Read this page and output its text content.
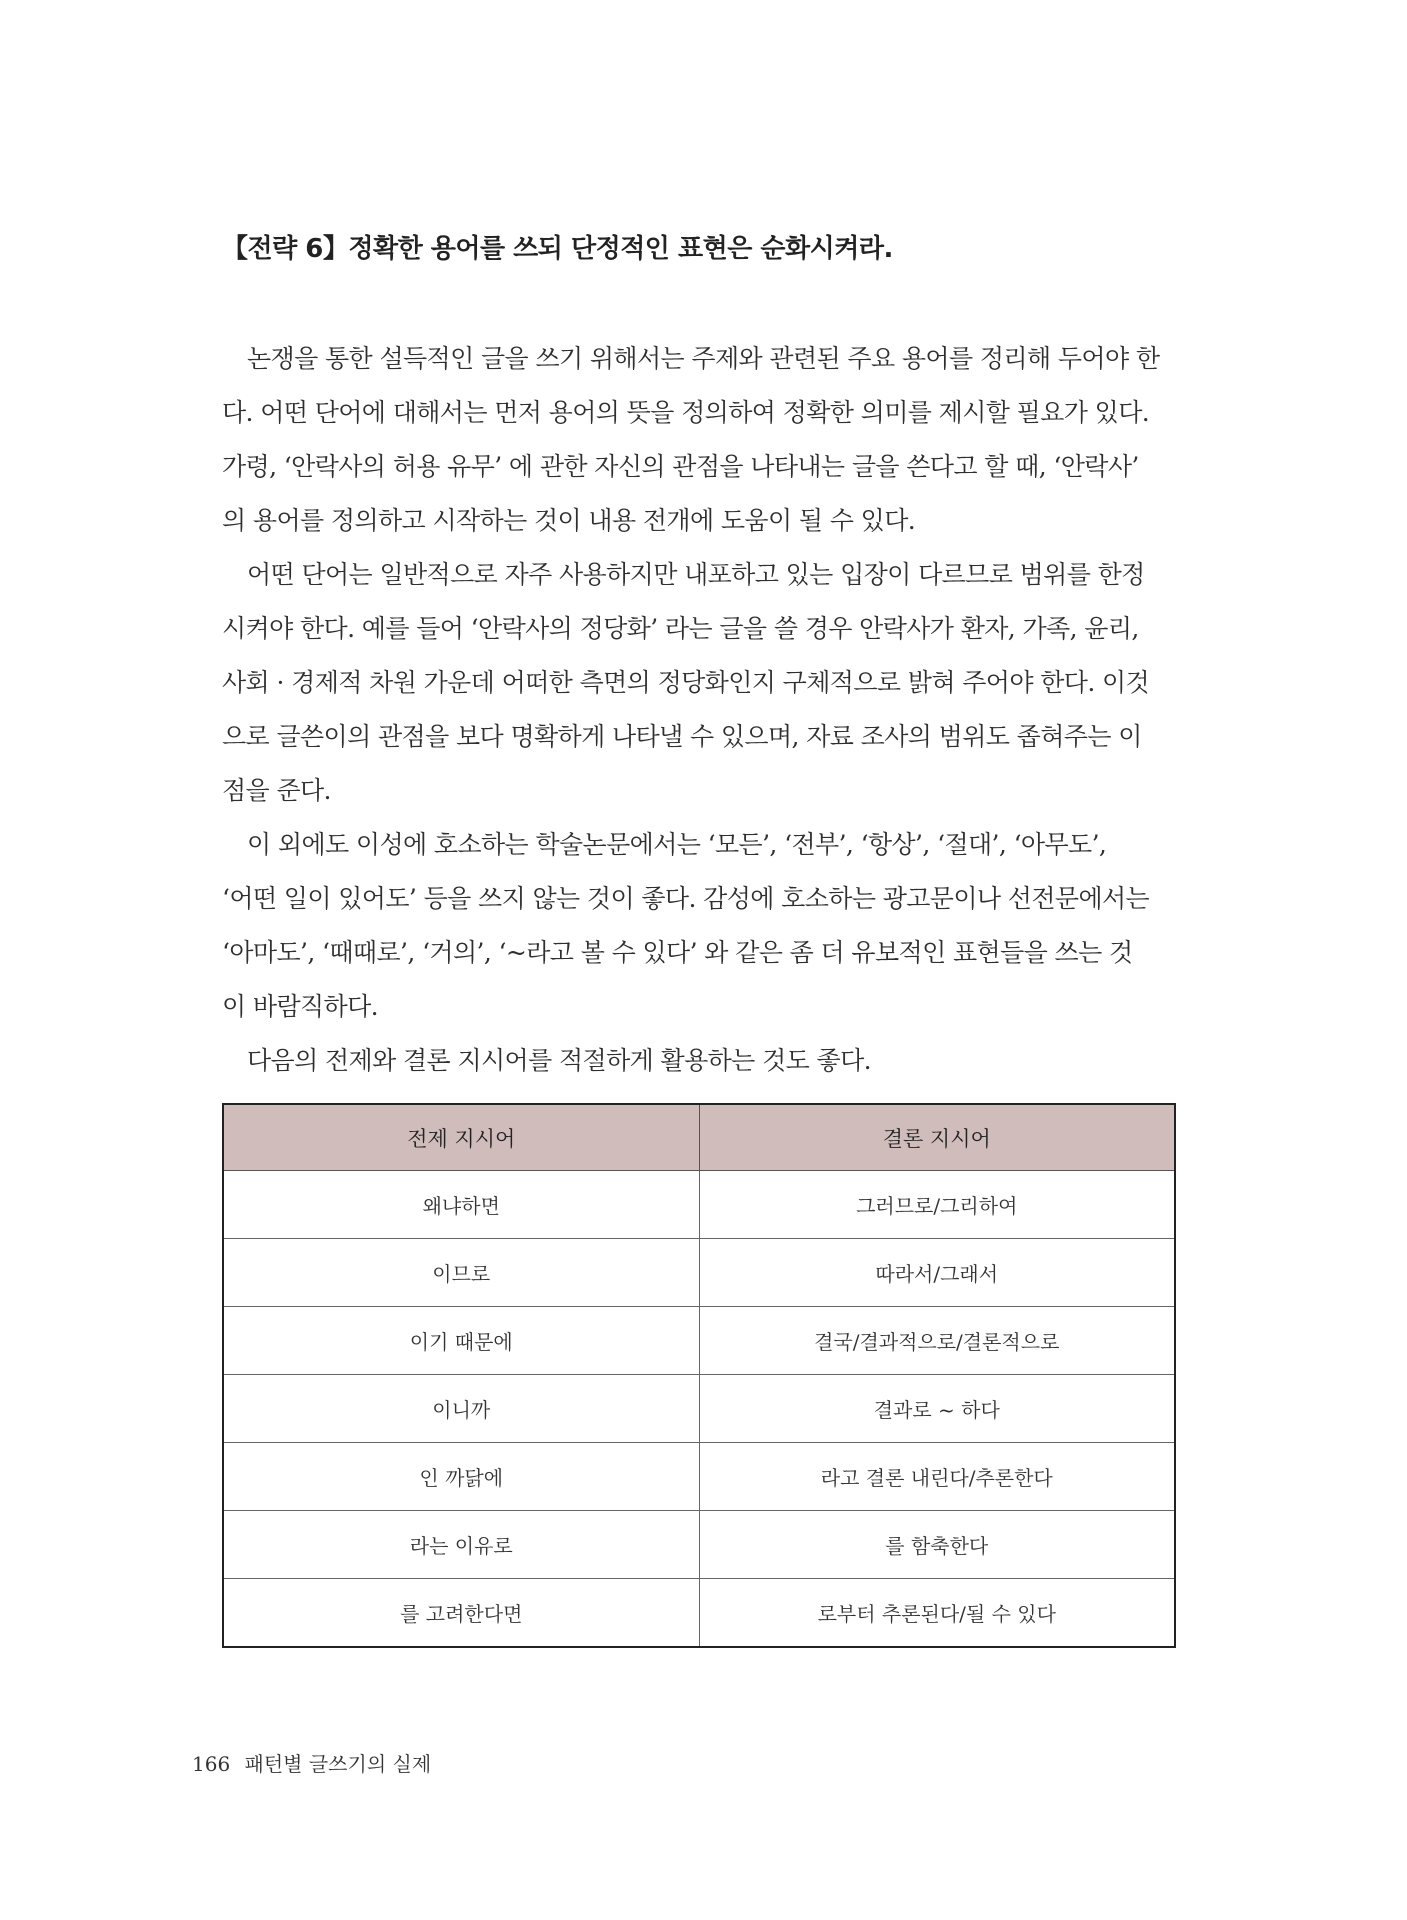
【전략 6】정확한 용어를 쓰되 단정적인 표현은 순화시켜라.
논쟁을 통한 설득적인 글을 쓰기 위해서는 주제와 관련된 주요 용어를 정리해 두어야 한
다. 어떤 단어에 대해서는 먼저 용어의 뜻을 정의하여 정확한 의미를 제시할 필요가 있다.
가령, ‘안락사의 허용 유무’ 에 관한 자신의 관점을 나타내는 글을 쓴다고 할 때, ‘안락사’
의 용어를 정의하고 시작하는 것이 내용 전개에 도움이 될 수 있다.
어떤 단어는 일반적으로 자주 사용하지만 내포하고 있는 입장이 다르므로 범위를 한정
시켜야 한다. 예를 들어 ‘안락사의 정당화’ 라는 글을 쓸 경우 안락사가 환자, 가족, 윤리,
사회 · 경제적 차원 가운데 어떠한 측면의 정당화인지 구체적으로 밝혀 주어야 한다. 이것
으로 글쓴이의 관점을 보다 명확하게 나타낼 수 있으며, 자료 조사의 범위도 좁혀주는 이
점을 준다.
이 외에도 이성에 호소하는 학술논문에서는 ‘모든’, ‘전부’, ‘항상’, ‘절대’, ‘아무도’,
‘어떤 일이 있어도’ 등을 쓰지 않는 것이 좋다. 감성에 호소하는 광고문이나 선전문에서는
‘아마도’, ‘때때로’, ‘거의’, ‘~라고 볼 수 있다’ 와 같은 좀 더 유보적인 표현들을 쓰는 것
이 바람직하다.
다음의 전제와 결론 지시어를 적절하게 활용하는 것도 좋다.
전제 지시어	결론 지시어
왜냐하면	그러므로/그리하여
이므로	따라서/그래서
이기 때문에	결국/결과적으로/결론적으로
이니까	결과로 ~ 하다
인 까닭에	라고 결론 내린다/추론한다
라는 이유로	를 함축한다
를 고려한다면	로부터 추론된다/될 수 있다
166 패턴별 글쓰기의 실제
